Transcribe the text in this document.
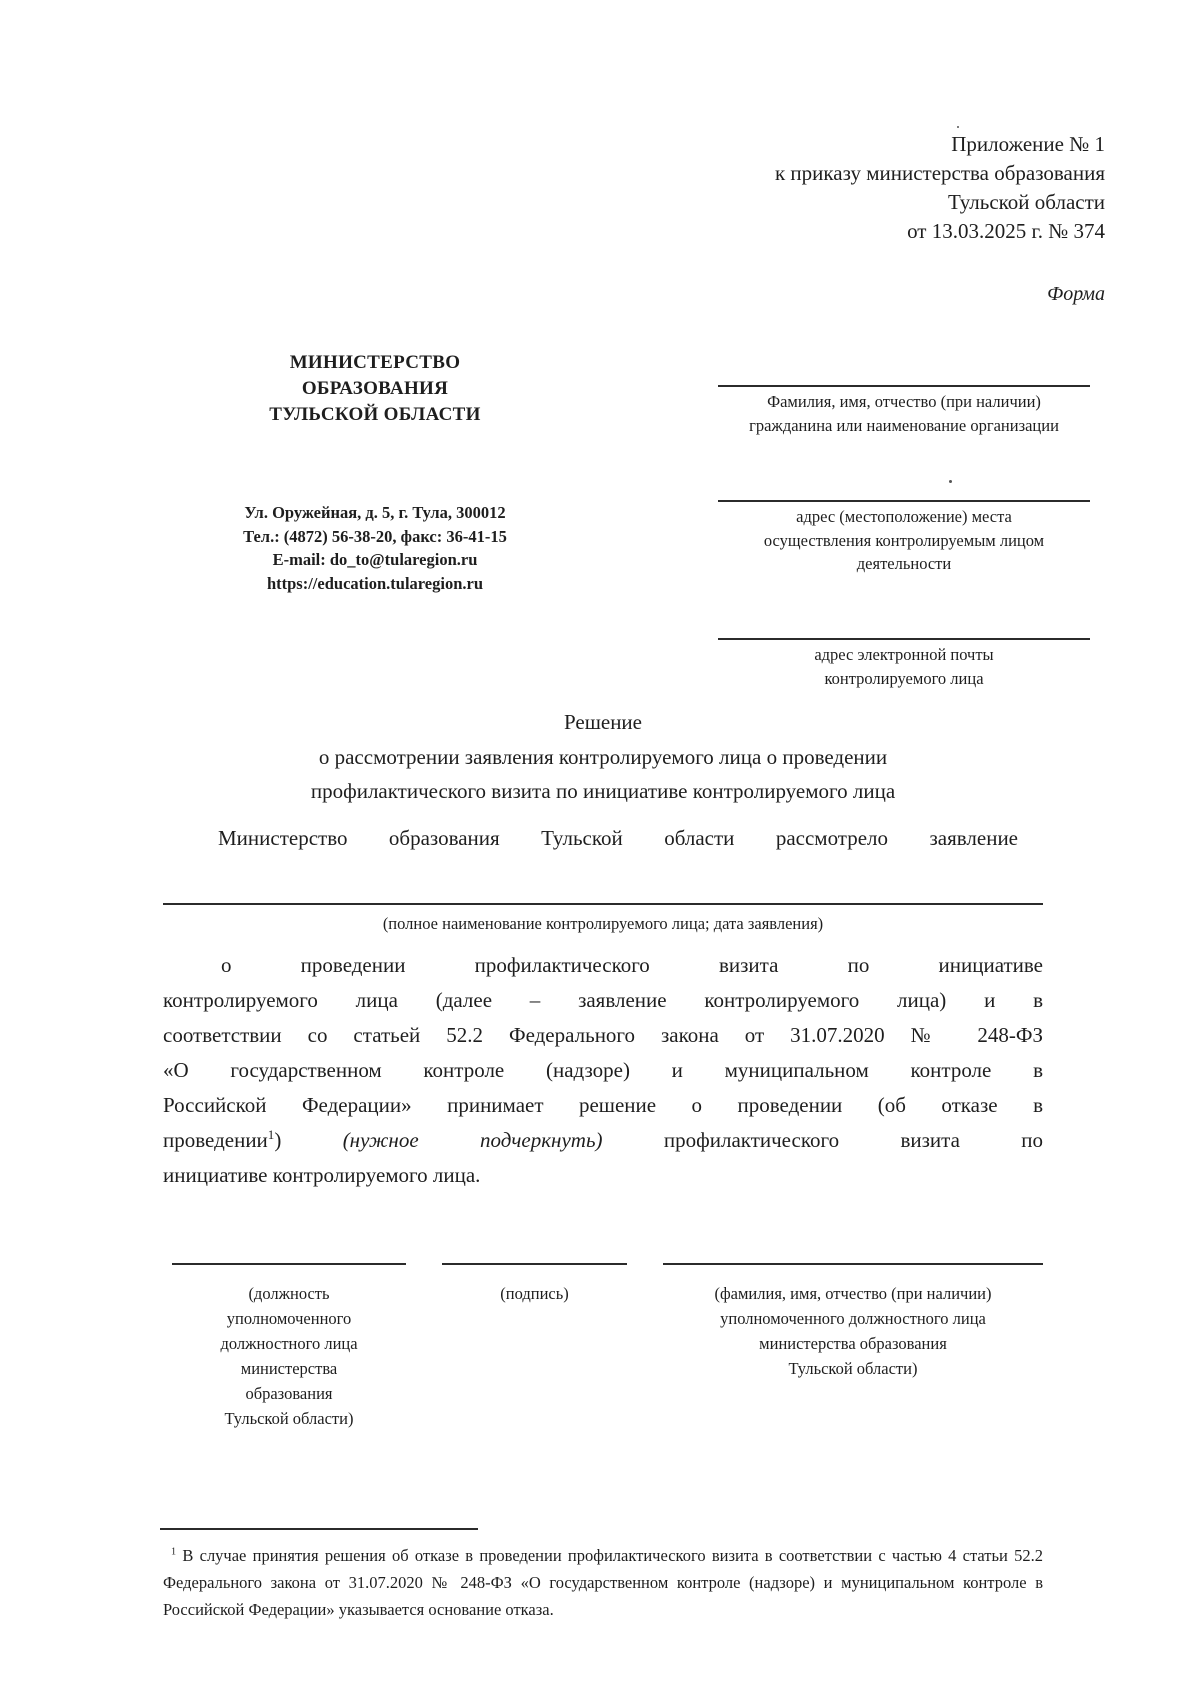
Приложение № 1
к приказу министерства образования
Тульской области
от 13.03.2025 г. № 374
Форма
МИНИСТЕРСТВО
ОБРАЗОВАНИЯ
ТУЛЬСКОЙ ОБЛАСТИ
Ул. Оружейная, д. 5, г. Тула, 300012
Тел.: (4872) 56-38-20, факс: 36-41-15
E-mail: do_to@tularegion.ru
https://education.tularegion.ru
Фамилия, имя, отчество (при наличии)
гражданина или наименование организации
адрес (местоположение) места
осуществления контролируемым лицом
деятельности
адрес электронной почты
контролируемого лица
Решение
о рассмотрении заявления контролируемого лица о проведении
профилактического визита по инициативе контролируемого лица
Министерство образования Тульской области рассмотрело заявление
(полное наименование контролируемого лица; дата заявления)
о проведении профилактического визита по инициативе
контролируемого лица (далее – заявление контролируемого лица) и в
соответствии со статьей 52.2 Федерального закона от 31.07.2020 № 248-ФЗ
«О государственном контроле (надзоре) и муниципальном контроле в
Российской Федерации» принимает решение о проведении (об отказе в
проведении$^1$) (нужное подчеркнуть) профилактического визита по
инициативе контролируемого лица.
(должность
уполномоченного
должностного лица
министерства
образования
Тульской области)
(подпись)	(фамилия, имя, отчество (при наличии)
уполномоченного должностного лица
министерства образования
Тульской области)
$^1$ В случае принятия решения об отказе в проведении профилактического визита в соответствии с частью 4 статьи 52.2 Федерального закона от 31.07.2020 № 248-ФЗ «О государственном контроле (надзоре) и муниципальном контроле в Российской Федерации» указывается основание отказа.
